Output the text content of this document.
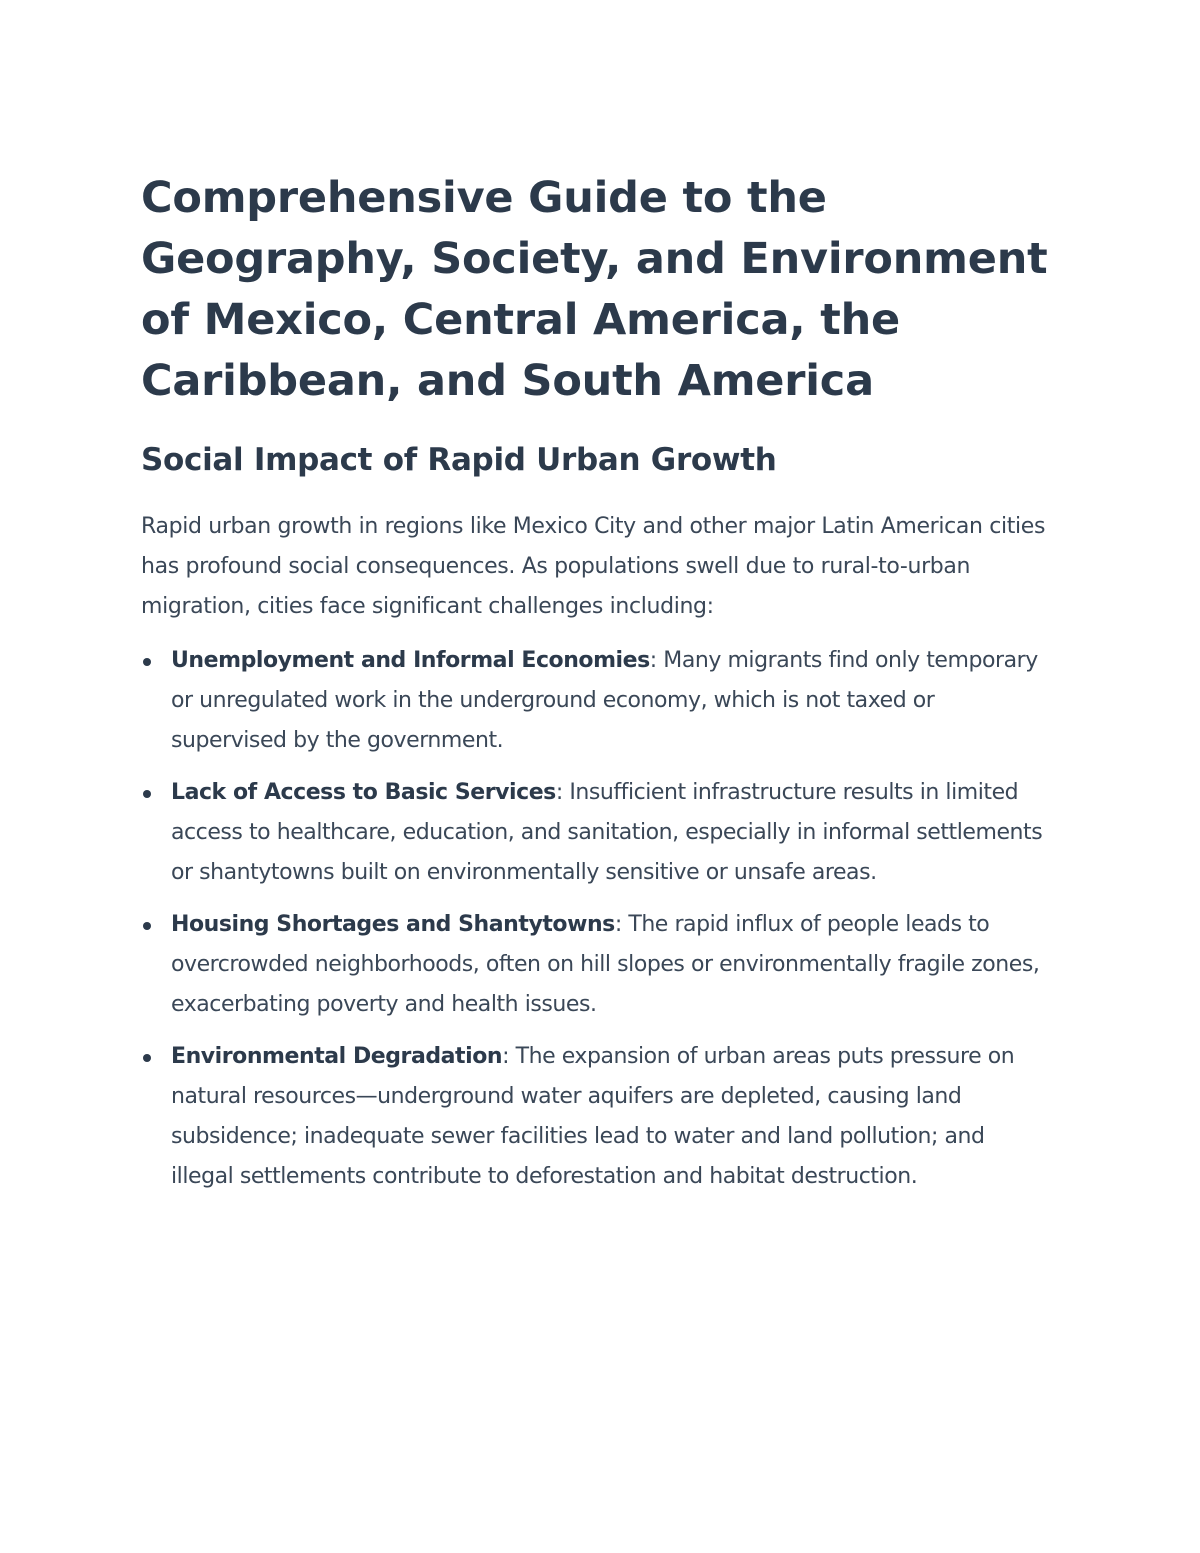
Comprehensive Guide to the Geography, Society, and Environment of Mexico, Central America, the Caribbean, and South America
Social Impact of Rapid Urban Growth

Rapid urban growth in regions like Mexico City and other major Latin American cities has profound social consequences. As populations swell due to rural-to-urban migration, cities face significant challenges including:

Unemployment and Informal Economies: Many migrants find only temporary or unregulated work in the underground economy, which is not taxed or supervised by the government.
Lack of Access to Basic Services: Insufficient infrastructure results in limited access to healthcare, education, and sanitation, especially in informal settlements or shantytowns built on environmentally sensitive or unsafe areas.
Housing Shortages and Shantytowns: The rapid influx of people leads to overcrowded neighborhoods, often on hill slopes or environmentally fragile zones, exacerbating poverty and health issues.
Environmental Degradation: The expansion of urban areas puts pressure on natural resources—underground water aquifers are depleted, causing land subsidence; inadequate sewer facilities lead to water and land pollution; and illegal settlements contribute to deforestation and habitat destruction.
